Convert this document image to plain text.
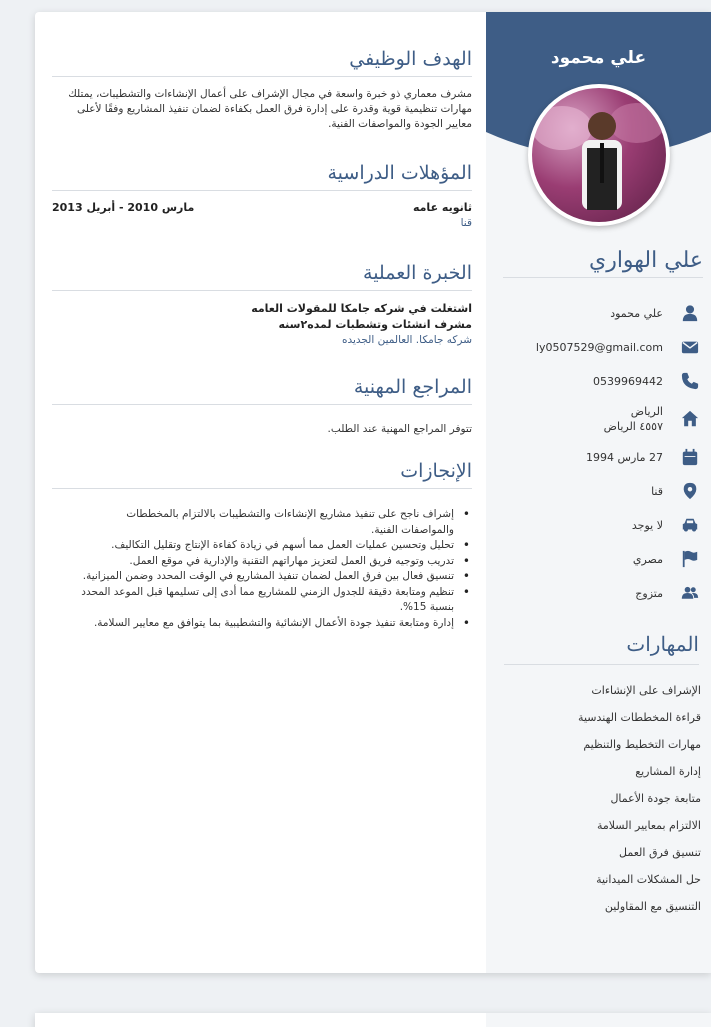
علي محمود
علي الهواري
علي محمود
ly0507529@gmail.com
0539969442
الرياض
٤٥٥٧ الرياض
27 مارس 1994
قنا
لا يوجد
مصري
متزوج
المهارات
الإشراف على الإنشاءات
قراءة المخططات الهندسية
مهارات التخطيط والتنظيم
إدارة المشاريع
متابعة جودة الأعمال
الالتزام بمعايير السلامة
تنسيق فرق العمل
حل المشكلات الميدانية
التنسيق مع المقاولين
الهدف الوظيفي
مشرف معماري ذو خبرة واسعة في مجال الإشراف على أعمال الإنشاءات والتشطيبات، يمتلك مهارات تنظيمية قوية وقدرة على إدارة فرق العمل بكفاءة لضمان تنفيذ المشاريع وفقًا لأعلى معايير الجودة والمواصفات الفنية.
المؤهلات الدراسية
ثانويه عامه
قنا
مارس 2010 - أبريل 2013
الخبرة العملية
اشتغلت في شركه جامكا للمقولات العامه مشرف انشئات وتشطبات لمده٢سنه
شركه جامكا. العالمين الجديده
المراجع المهنية
تتوفر المراجع المهنية عند الطلب.
الإنجازات
• إشراف ناجح على تنفيذ مشاريع الإنشاءات والتشطيبات بالالتزام بالمخططات والمواصفات الفنية.
• تحليل وتحسين عمليات العمل مما أسهم في زيادة كفاءة الإنتاج وتقليل التكاليف.
• تدريب وتوجيه فريق العمل لتعزيز مهاراتهم التقنية والإدارية في موقع العمل.
• تنسيق فعال بين فرق العمل لضمان تنفيذ المشاريع في الوقت المحدد وضمن الميزانية.
• تنظيم ومتابعة دقيقة للجدول الزمني للمشاريع مما أدى إلى تسليمها قبل الموعد المحدد بنسبة 15%.
• إدارة ومتابعة تنفيذ جودة الأعمال الإنشائية والتشطيبية بما يتوافق مع معايير السلامة.
